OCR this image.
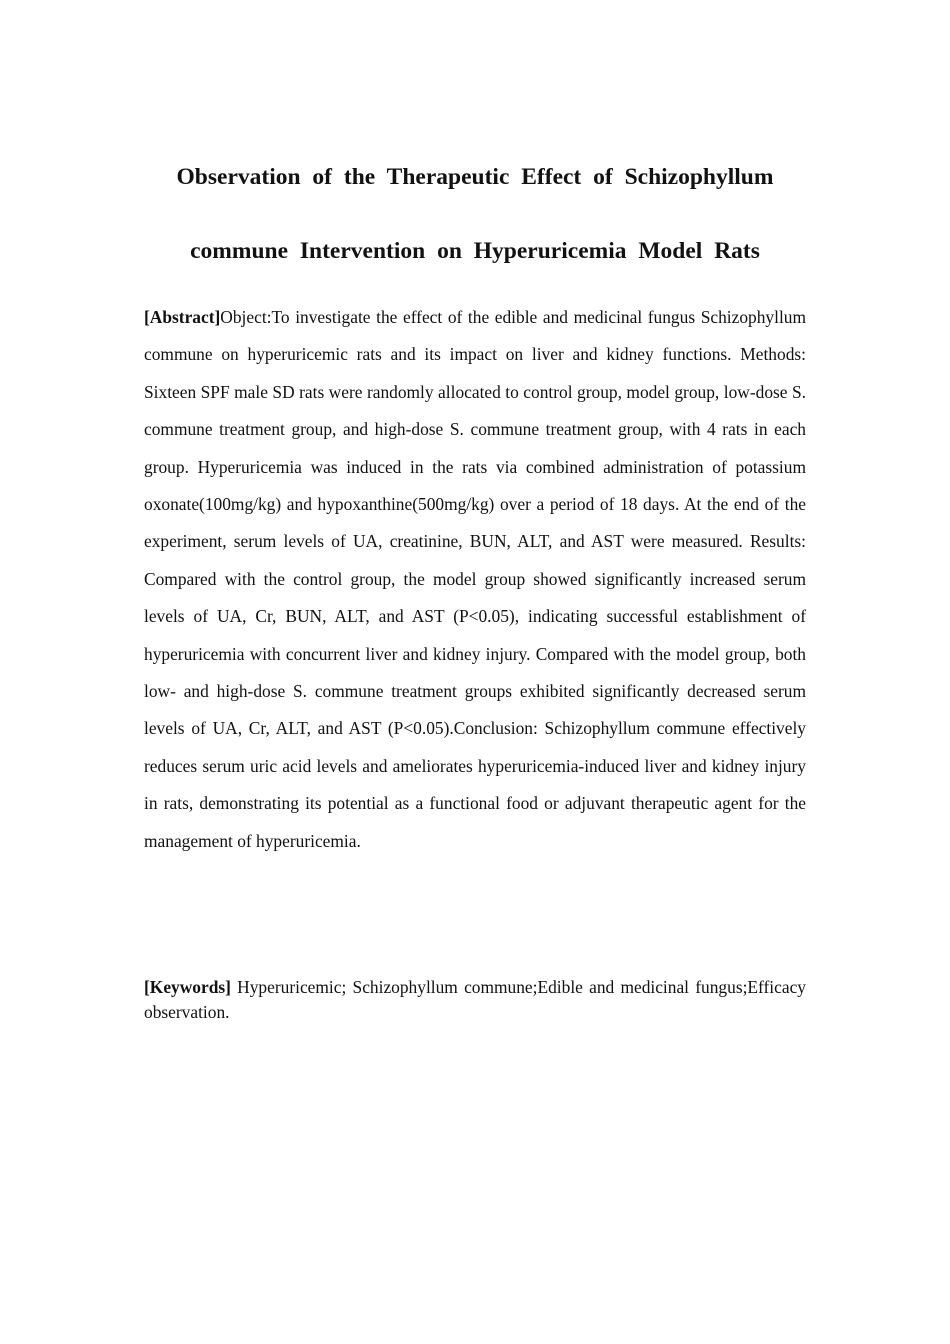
Observation of the Therapeutic Effect of Schizophyllum commune Intervention on Hyperuricemia Model Rats

[Abstract]Object:To investigate the effect of the edible and medicinal fungus Schizophyllum commune on hyperuricemic rats and its impact on liver and kidney functions. Methods: Sixteen SPF male SD rats were randomly allocated to control group, model group, low-dose S. commune treatment group, and high-dose S. commune treatment group, with 4 rats in each group. Hyperuricemia was induced in the rats via combined administration of potassium oxonate(100mg/kg) and hypoxanthine(500mg/kg) over a period of 18 days. At the end of the experiment, serum levels of UA, creatinine, BUN, ALT, and AST were measured. Results: Compared with the control group, the model group showed significantly increased serum levels of UA, Cr, BUN, ALT, and AST (P<0.05), indicating successful establishment of hyperuricemia with concurrent liver and kidney injury. Compared with the model group, both low- and high-dose S. commune treatment groups exhibited significantly decreased serum levels of UA, Cr, ALT, and AST (P<0.05).Conclusion: Schizophyllum commune effectively reduces serum uric acid levels and ameliorates hyperuricemia-induced liver and kidney injury in rats, demonstrating its potential as a functional food or adjuvant therapeutic agent for the management of hyperuricemia.

[Keywords] Hyperuricemic; Schizophyllum commune;Edible and medicinal fungus;Efficacy observation.
